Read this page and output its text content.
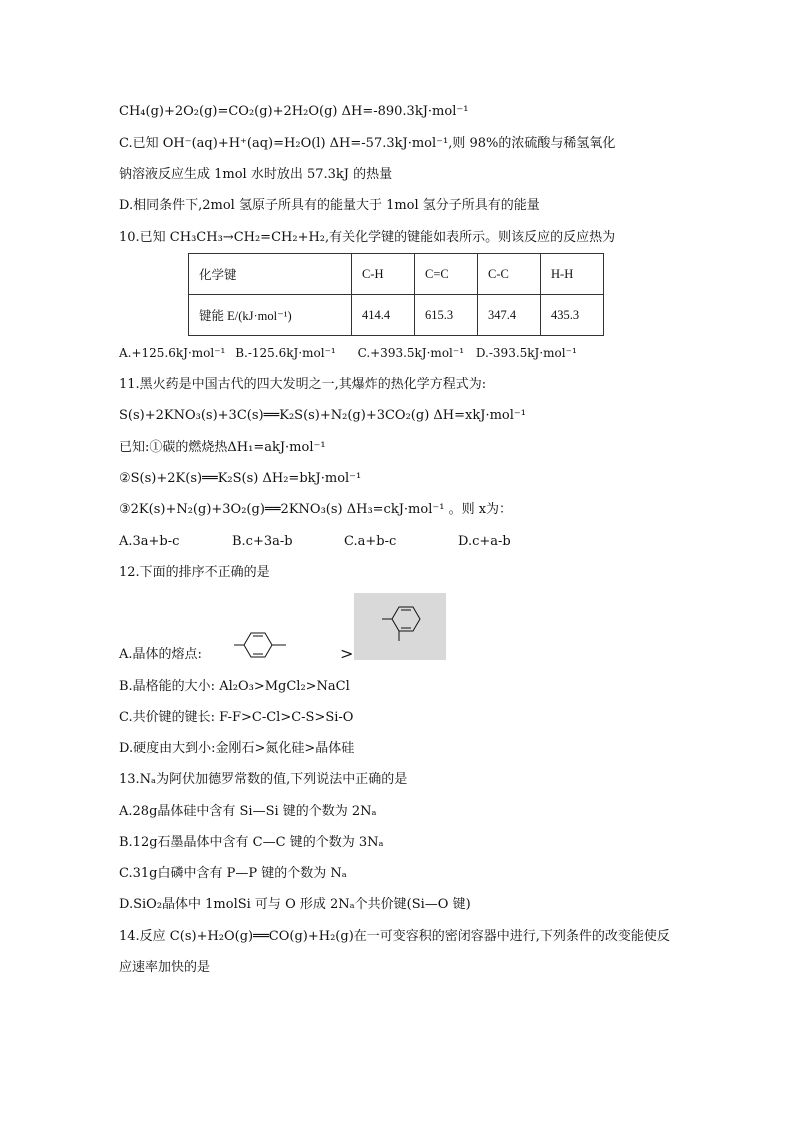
CH₄(g)+2O₂(g)=CO₂(g)+2H₂O(g) ΔH=-890.3kJ·mol⁻¹
C.已知 OH⁻(aq)+H⁺(aq)=H₂O(l) ΔH=-57.3kJ·mol⁻¹,则 98%的浓硫酸与稀氢氧化
钠溶液反应生成 1mol 水时放出 57.3kJ 的热量
D.相同条件下,2mol 氢原子所具有的能量大于 1mol 氢分子所具有的能量
10.已知 CH₃CH₃→CH₂=CH₂+H₂,有关化学键的键能如表所示。则该反应的反应热为
化学键	C-H	C=C	C-C	H-H
键能 E/(kJ·mol⁻¹)	414.4	615.3	347.4	435.3
A.+125.6kJ·mol⁻¹ B.-125.6kJ·mol⁻¹ C.+393.5kJ·mol⁻¹ D.-393.5kJ·mol⁻¹
11.黑火药是中国古代的四大发明之一,其爆炸的热化学方程式为:
S(s)+2KNO₃(s)+3C(s)══K₂S(s)+N₂(g)+3CO₂(g) ΔH=xkJ·mol⁻¹
已知:①碳的燃烧热ΔH₁=akJ·mol⁻¹
②S(s)+2K(s)══K₂S(s) ΔH₂=bkJ·mol⁻¹
③2K(s)+N₂(g)+3O₂(g)══2KNO₃(s) ΔH₃=ckJ·mol⁻¹ 。则 x为：
A.3a+b-c	B.c+3a-b	C.a+b-c	D.c+a-b
12.下面的排序不正确的是
A.晶体的熔点:	>
B.晶格能的大小: Al₂O₃>MgCl₂>NaCl
C.共价键的键长: F-F>C-Cl>C-S>Si-O
D.硬度由大到小:金刚石>氮化硅>晶体硅
13.Nₐ为阿伏加德罗常数的值,下列说法中正确的是
A.28g晶体硅中含有 Si—Si 键的个数为 2Nₐ
B.12g石墨晶体中含有 C—C 键的个数为 3Nₐ
C.31g白磷中含有 P—P 键的个数为 Nₐ
D.SiO₂晶体中 1molSi 可与 O 形成 2Nₐ个共价键(Si—O 键)
14.反应 C(s)+H₂O(g)══CO(g)+H₂(g)在一可变容积的密闭容器中进行,下列条件的改变能使反
应速率加快的是
